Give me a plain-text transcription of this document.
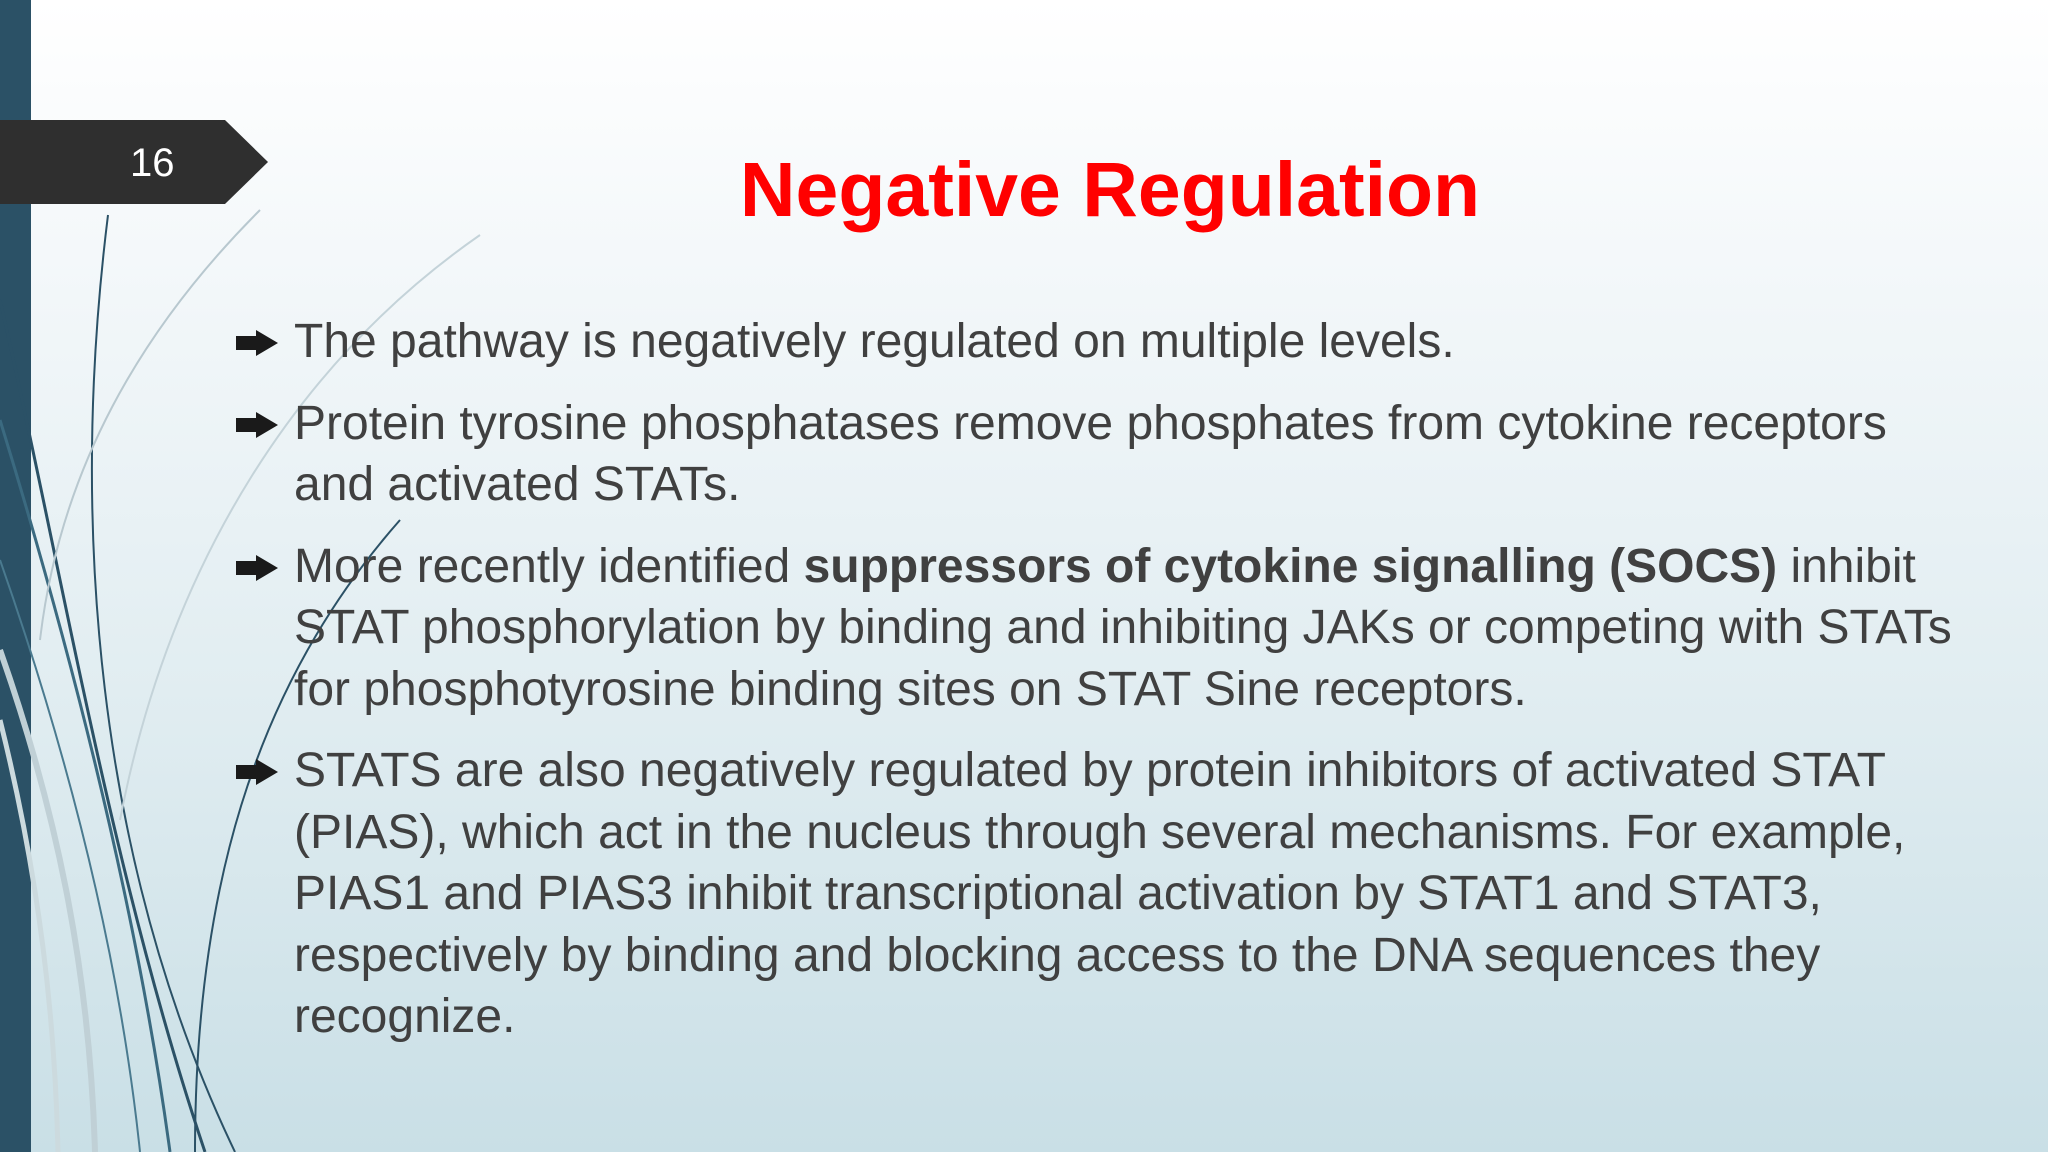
16	Negative Regulation
The pathway is negatively regulated on multiple levels.
Protein tyrosine phosphatases remove phosphates from cytokine receptors and activated STATs.
More recently identified suppressors of cytokine signalling (SOCS) inhibit STAT phosphorylation by binding and inhibiting JAKs or competing with STATs for phosphotyrosine binding sites on STAT Sine receptors.
STATS are also negatively regulated by protein inhibitors of activated STAT (PIAS), which act in the nucleus through several mechanisms. For example, PIAS1 and PIAS3 inhibit transcriptional activation by STAT1 and STAT3, respectively by binding and blocking access to the DNA sequences they recognize.
